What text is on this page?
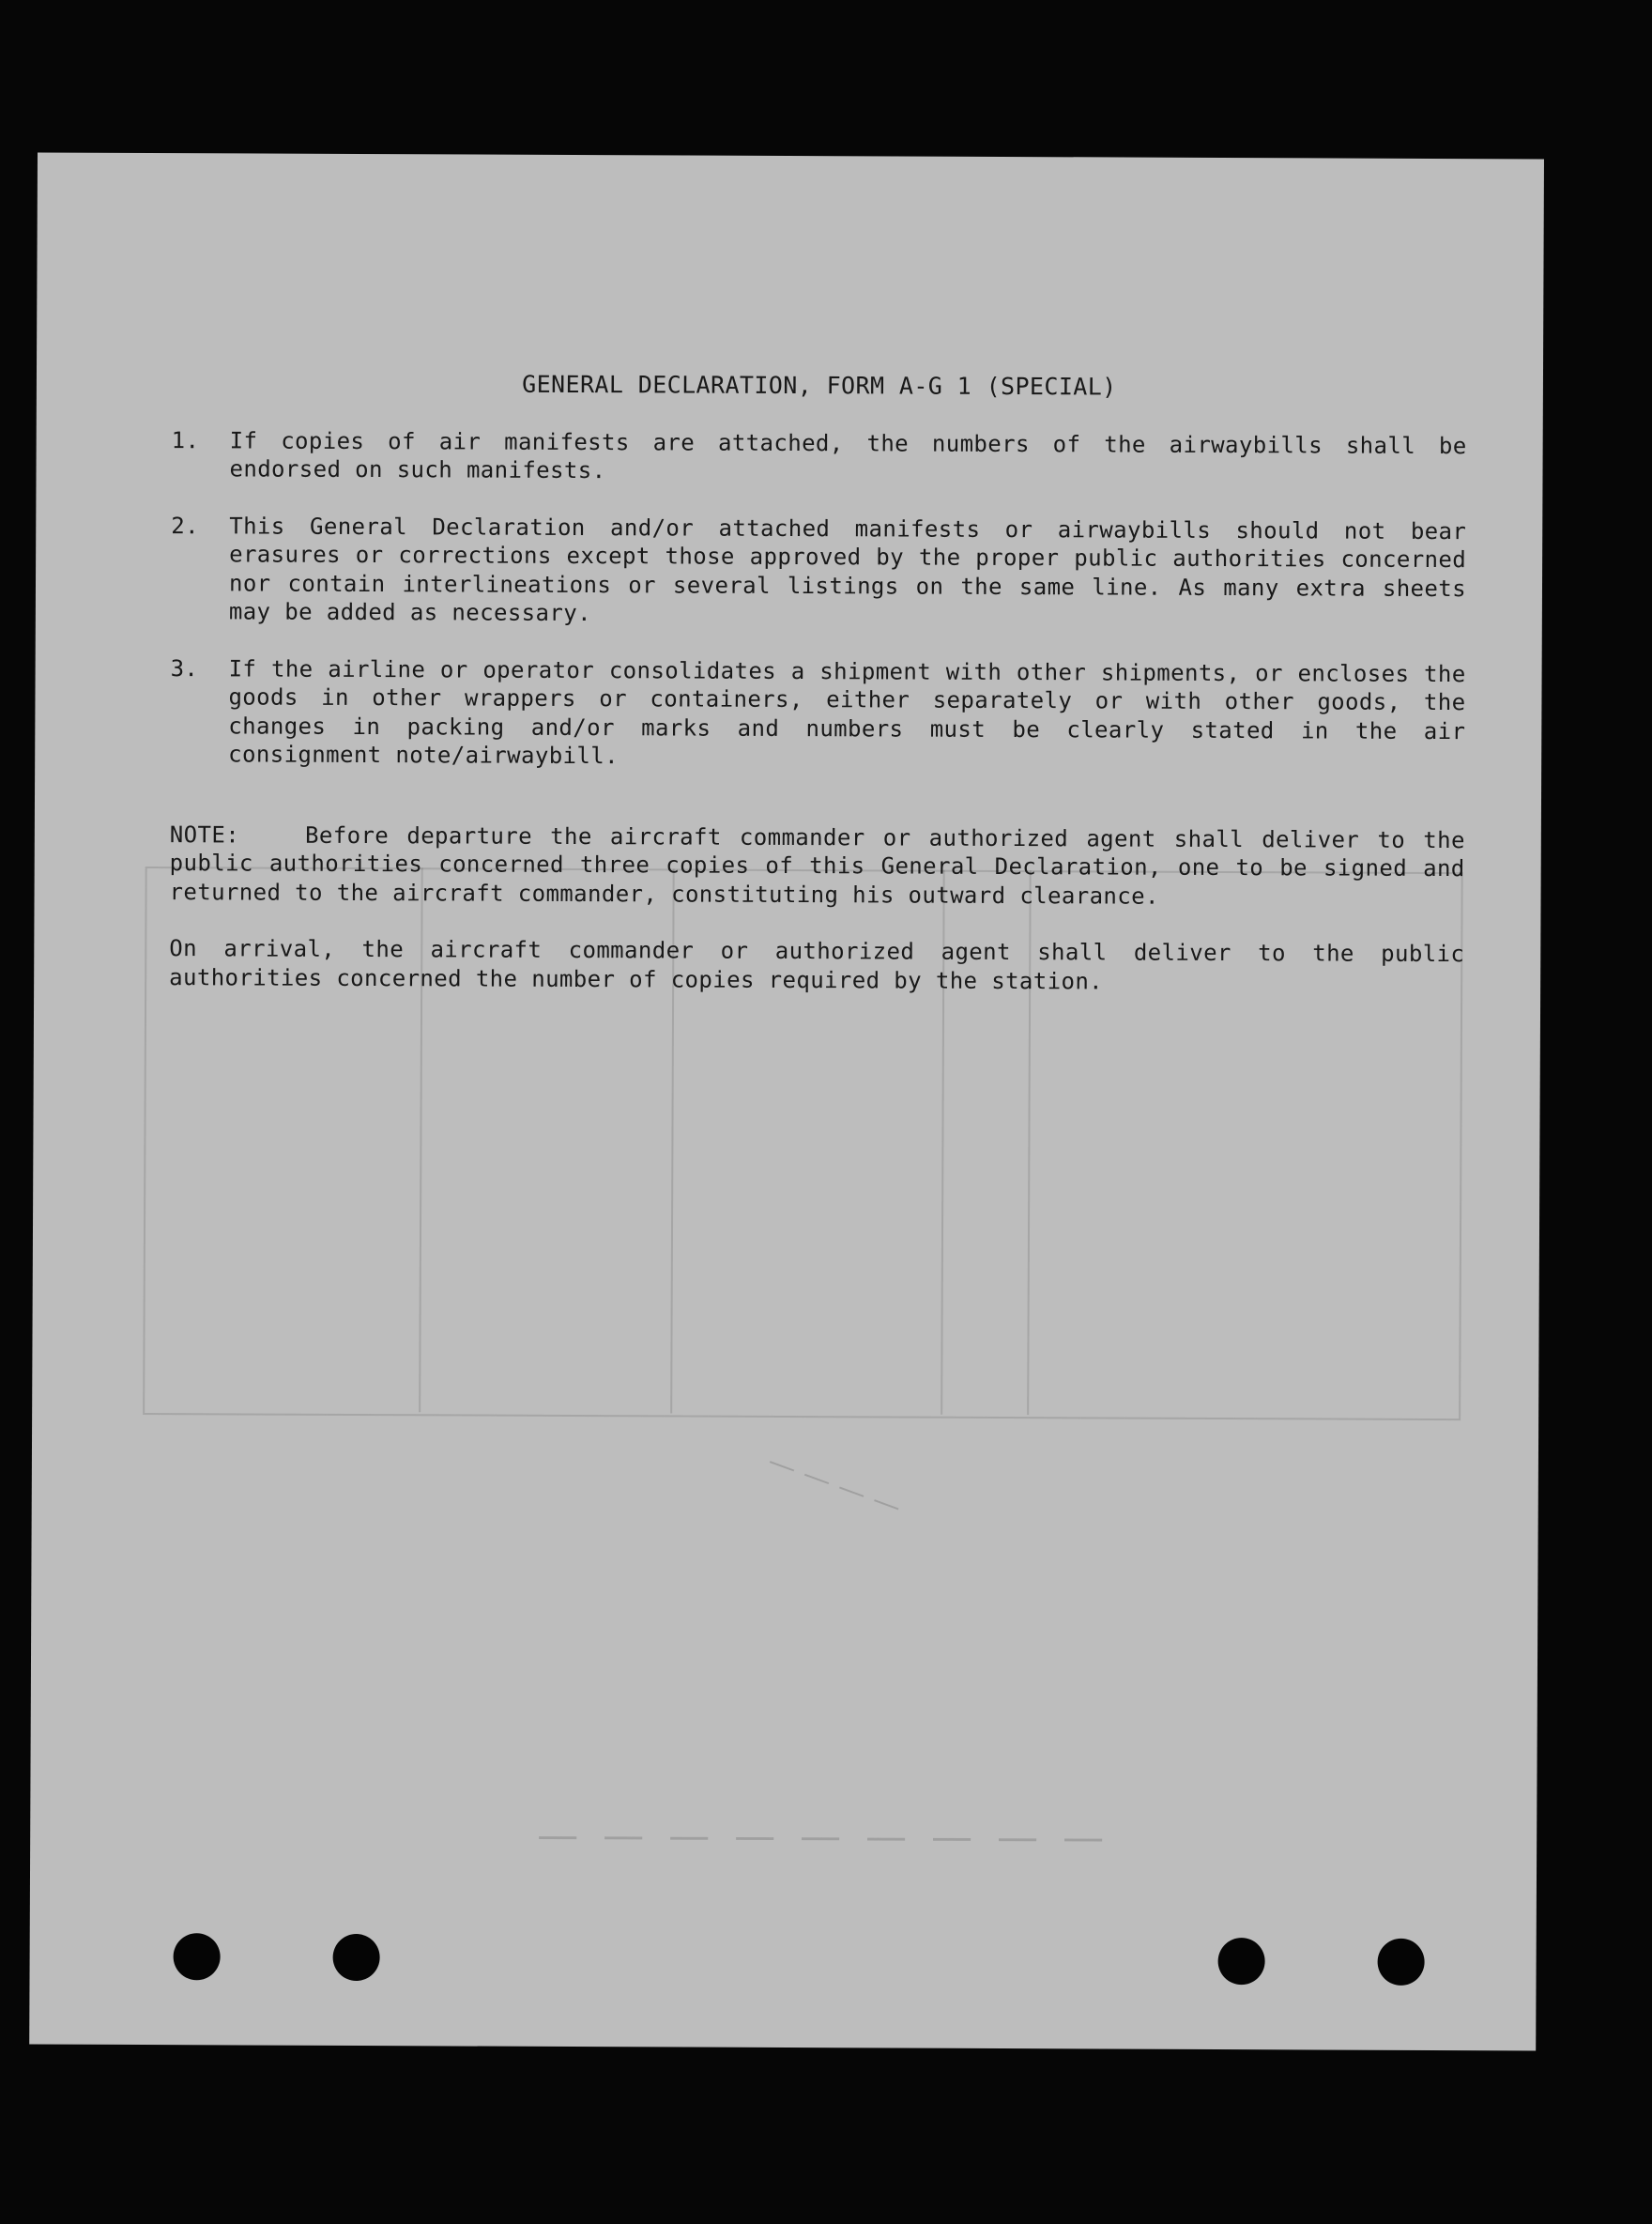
— — — — — — — — —
— — — —
GENERAL DECLARATION, FORM A-G 1 (SPECIAL)
1.	If copies of air manifests are attached, the numbers of the airwaybills shall be endorsed on such manifests.
2.	This General Declaration and/or attached manifests or airwaybills should not bear erasures or corrections except those approved by the proper public authorities concerned nor contain interlineations or several listings on the same line. As many extra sheets may be added as necessary.
3.	If the airline or operator consolidates a shipment with other shipments, or encloses the goods in other wrappers or containers, either separately or with other goods, the changes in packing and/or marks and numbers must be clearly stated in the air consignment note/airwaybill.
NOTE:	Before departure the aircraft commander or authorized agent shall deliver to the public authorities concerned three copies of this General Declaration, one to be signed and returned to the aircraft commander, constituting his outward clearance.
On arrival, the aircraft commander or authorized agent shall deliver to the public authorities concerned the number of copies required by the station.
